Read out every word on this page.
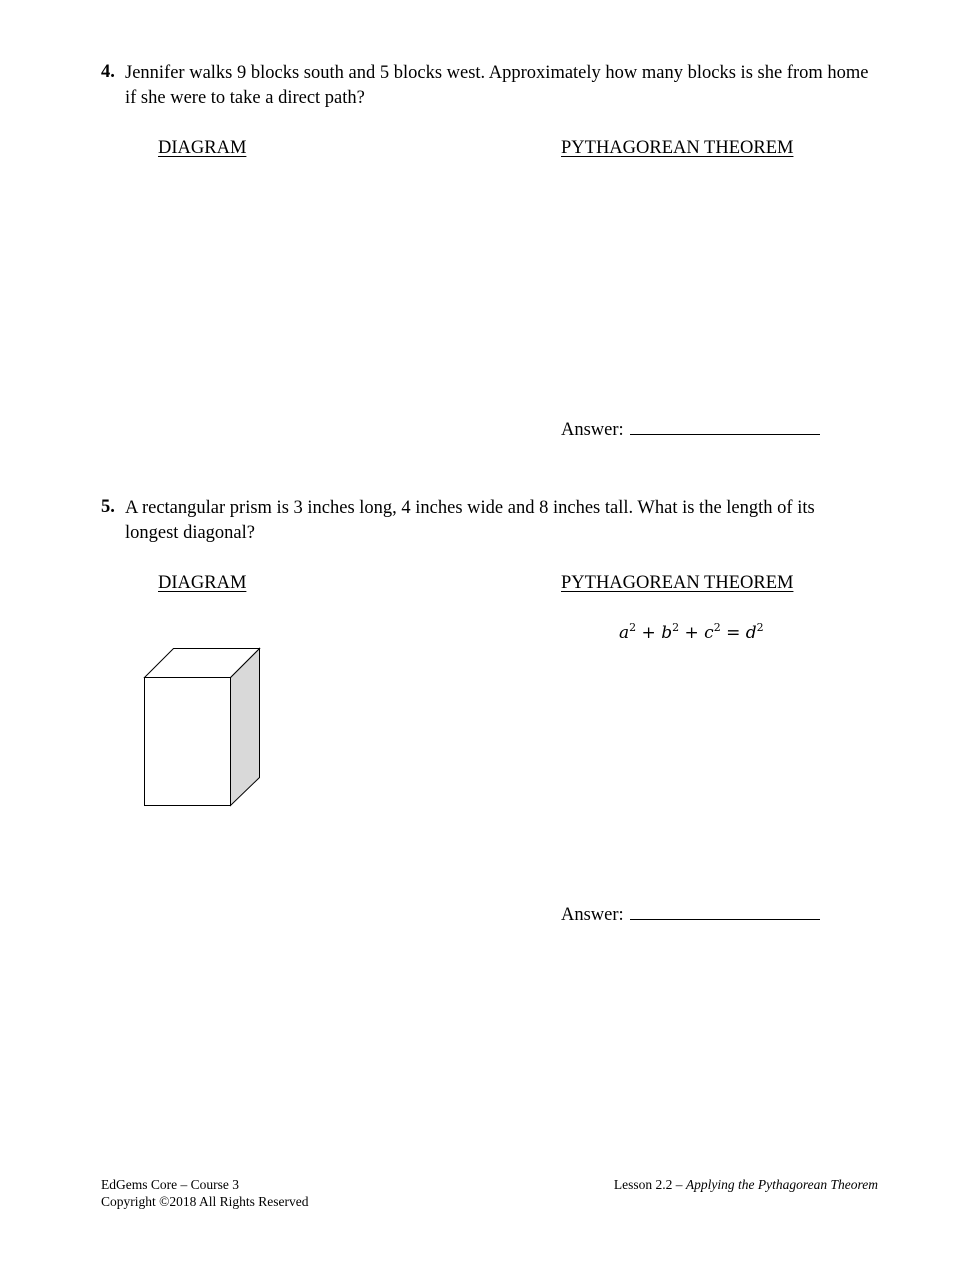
4. Jennifer walks 9 blocks south and 5 blocks west. Approximately how many blocks is she from home if she were to take a direct path?
DIAGRAM	PYTHAGOREAN THEOREM
Answer:
5. A rectangular prism is 3 inches long, 4 inches wide and 8 inches tall. What is the length of its longest diagonal?
DIAGRAM	PYTHAGOREAN THEOREM
$a^2 + b^2 + c^2 = d^2$
Answer:
EdGems Core – Course 3
Copyright ©2018 All Rights Reserved
Lesson 2.2 – Applying the Pythagorean Theorem
